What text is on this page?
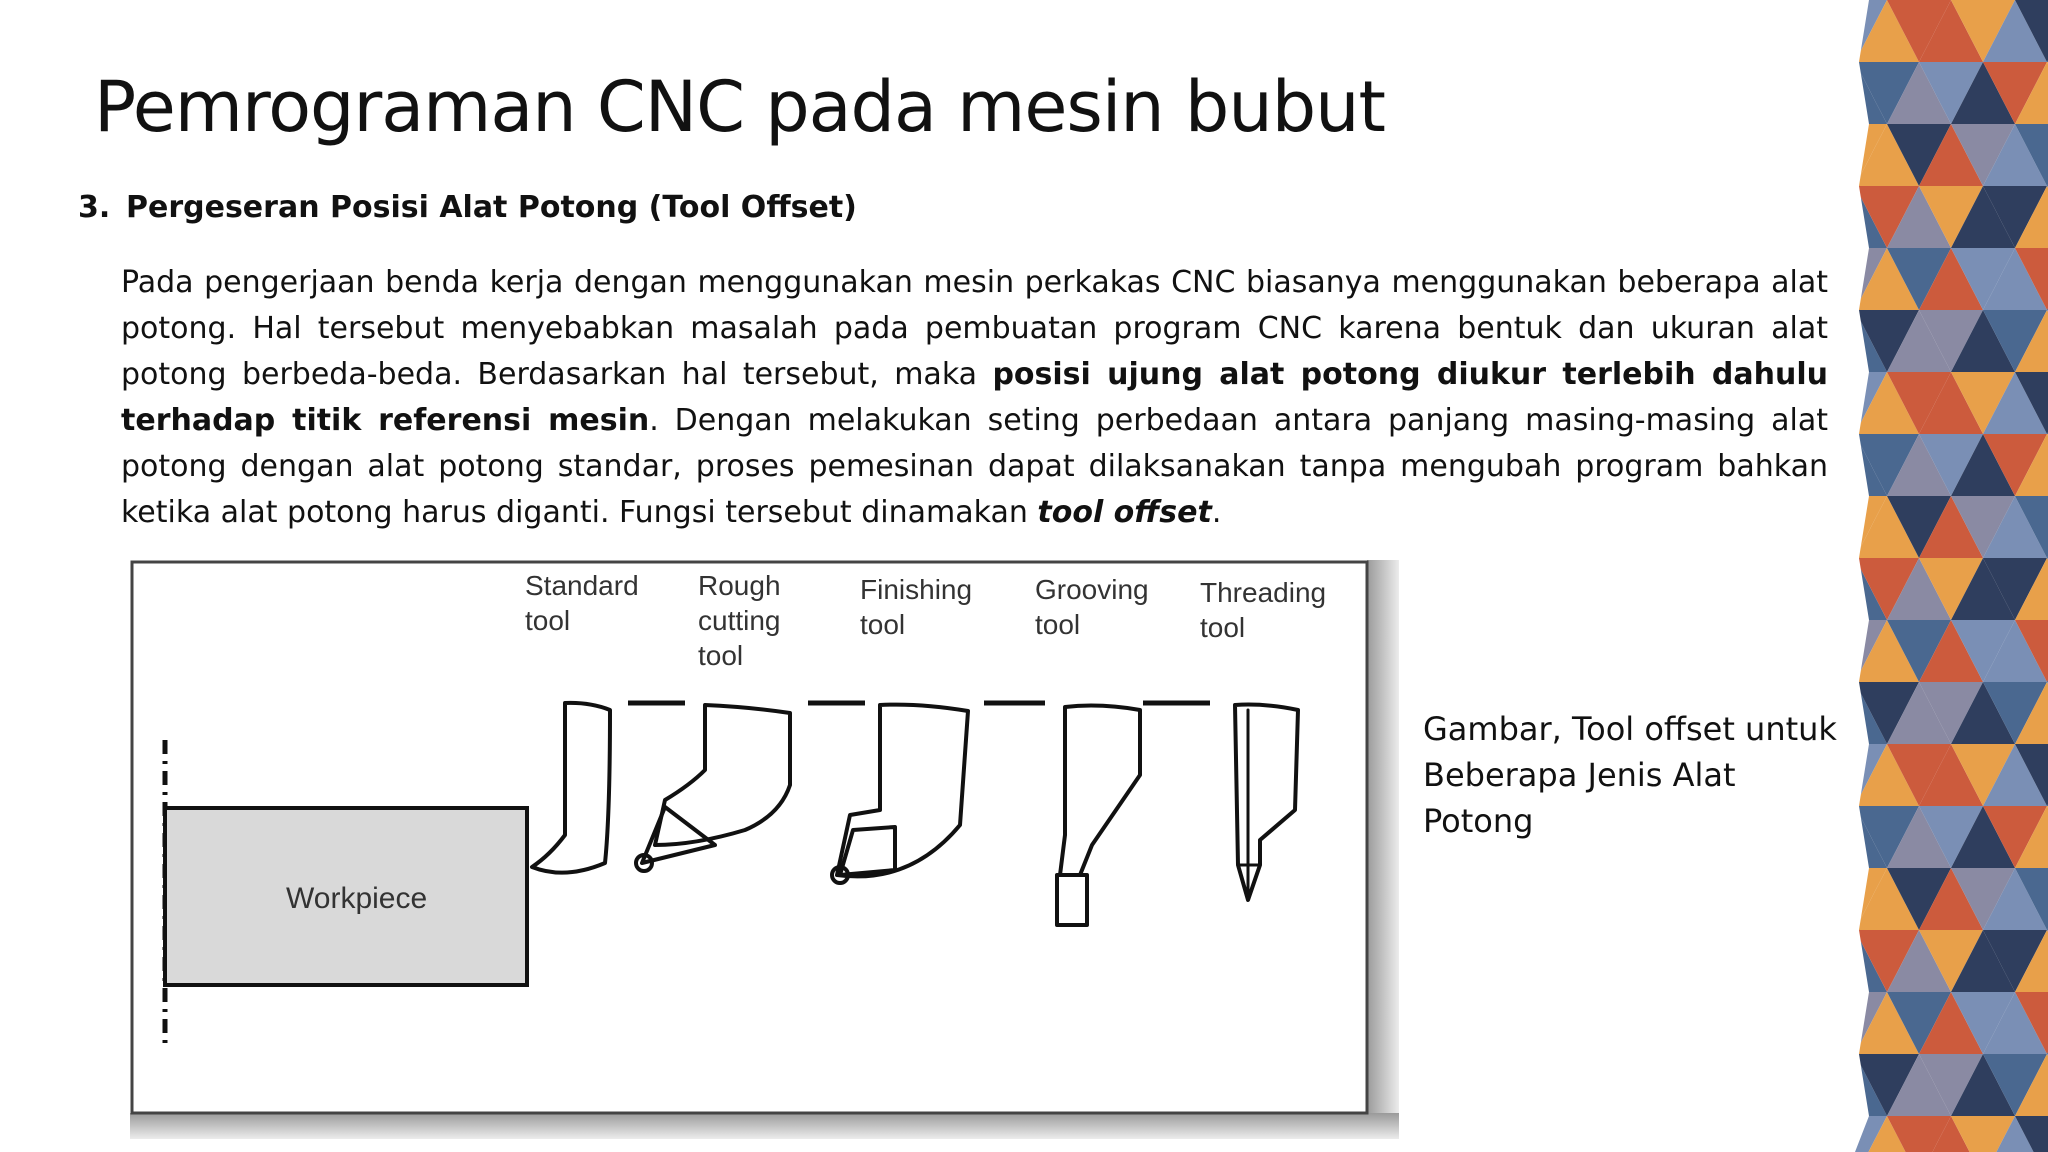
Pemrograman CNC pada mesin bubut
3. Pergeseran Posisi Alat Potong (Tool Offset)

Pada pengerjaan benda kerja dengan menggunakan mesin perkakas CNC biasanya menggunakan beberapa alat potong. Hal tersebut menyebabkan masalah pada pembuatan program CNC karena bentuk dan ukuran alat potong berbeda-beda. Berdasarkan hal tersebut, maka posisi ujung alat potong diukur terlebih dahulu terhadap titik referensi mesin. Dengan melakukan seting perbedaan antara panjang masing-masing alat potong dengan alat potong standar, proses pemesinan dapat dilaksanakan tanpa mengubah program bahkan ketika alat potong harus diganti. Fungsi tersebut dinamakan tool offset.

Workpiece
Standard tool
Rough cutting tool
Finishing tool
Grooving tool
Threading tool

Gambar, Tool offset untuk
Beberapa Jenis Alat
Potong
